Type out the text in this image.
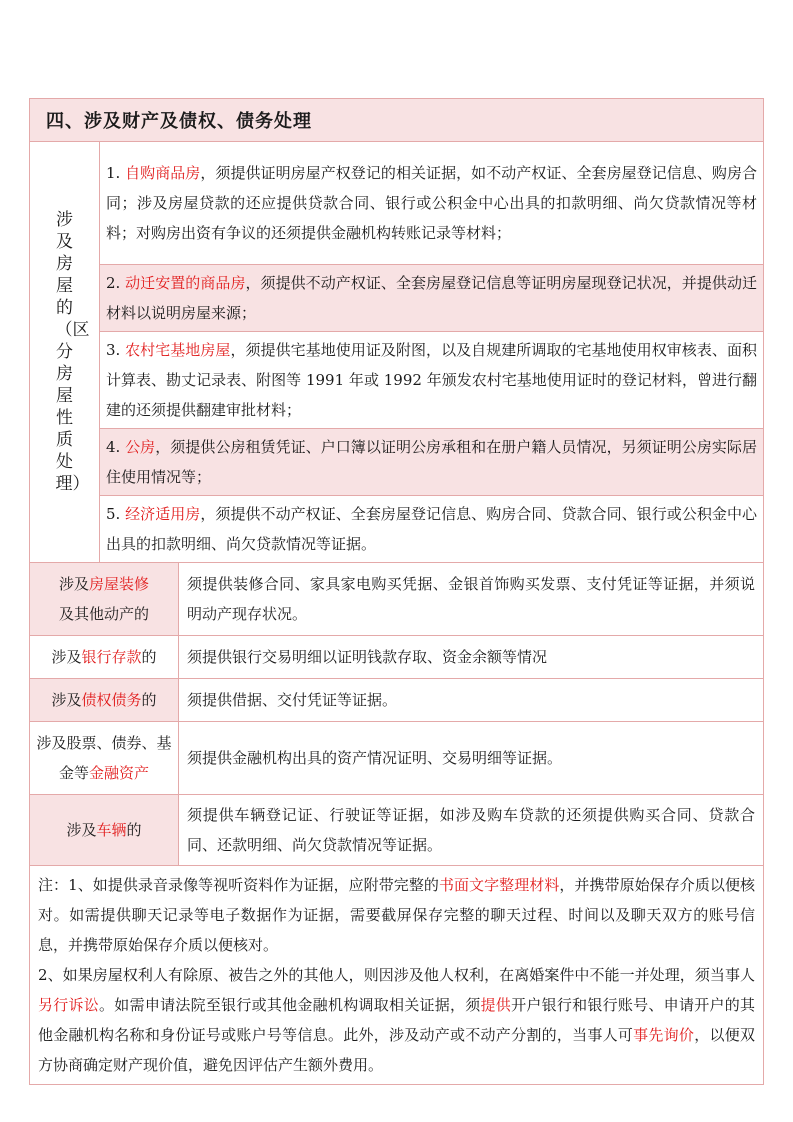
四、涉及财产及债权、债务处理		
涉及房屋的（区分房屋性质处理）	1. 自购商品房，须提供证明房屋产权登记的相关证据，如不动产权证、全套房屋登记信息、购房合同；涉及房屋贷款的还应提供贷款合同、银行或公积金中心出具的扣款明细、尚欠贷款情况等材料；对购房出资有争议的还须提供金融机构转账记录等材料；	
	2. 动迁安置的商品房，须提供不动产权证、全套房屋登记信息等证明房屋现登记状况，并提供动迁材料以说明房屋来源；	
	3. 农村宅基地房屋，须提供宅基地使用证及附图，以及自规建所调取的宅基地使用权审核表、面积计算表、勘丈记录表、附图等 1991 年或 1992 年颁发农村宅基地使用证时的登记材料，曾进行翻建的还须提供翻建审批材料；	
	4. 公房，须提供公房租赁凭证、户口簿以证明公房承租和在册户籍人员情况，另须证明公房实际居住使用情况等；	
	5. 经济适用房，须提供不动产权证、全套房屋登记信息、购房合同、贷款合同、银行或公积金中心出具的扣款明细、尚欠贷款情况等证据。	
涉及房屋装修
及其他动产的		须提供装修合同、家具家电购买凭据、金银首饰购买发票、支付凭证等证据，并须说明动产现存状况。
涉及银行存款的		须提供银行交易明细以证明钱款存取、资金余额等情况
涉及债权债务的		须提供借据、交付凭证等证据。
涉及股票、债券、基金等金融资产		须提供金融机构出具的资产情况证明、交易明细等证据。
涉及车辆的		须提供车辆登记证、行驶证等证据，如涉及购车贷款的还须提供购买合同、贷款合同、还款明细、尚欠贷款情况等证据。

注：1、如提供录音录像等视听资料作为证据，应附带完整的书面文字整理材料，并携带原始保存介质以便核对。如需提供聊天记录等电子数据作为证据，需要截屏保存完整的聊天过程、时间以及聊天双方的账号信息，并携带原始保存介质以便核对。
2、如果房屋权利人有除原、被告之外的其他人，则因涉及他人权利，在离婚案件中不能一并处理，须当事人另行诉讼。如需申请法院至银行或其他金融机构调取相关证据，须提供开户银行和银行账号、申请开户的其他金融机构名称和身份证号或账户号等信息。此外，涉及动产或不动产分割的，当事人可事先询价，以便双方协商确定财产现价值，避免因评估产生额外费用。		
